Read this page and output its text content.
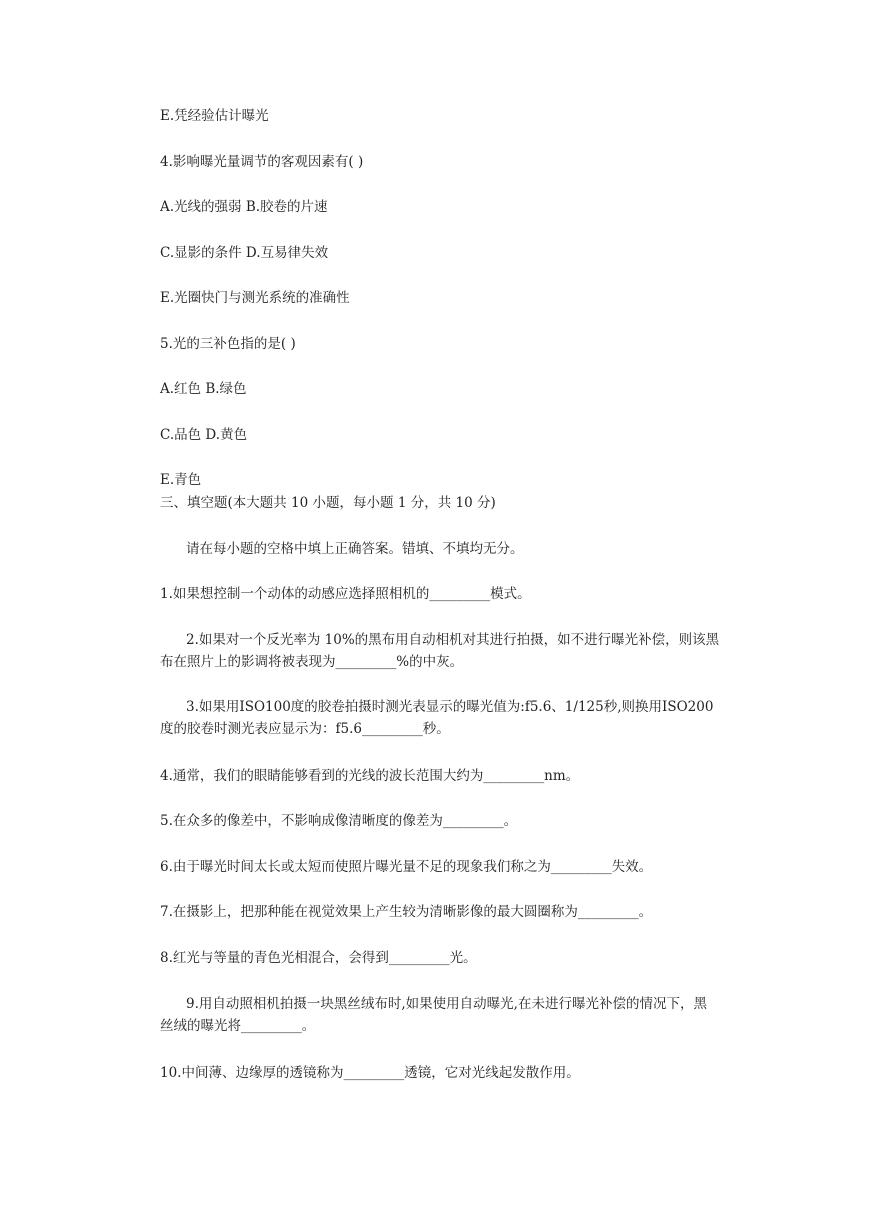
E.凭经验估计曝光
4.影响曝光量调节的客观因素有( )
A.光线的强弱 B.胶卷的片速
C.显影的条件 D.互易律失效
E.光圈快门与测光系统的准确性
5.光的三补色指的是( )
A.红色 B.绿色
C.品色 D.黄色
E.青色
三、填空题(本大题共 10 小题，每小题 1 分，共 10 分)
请在每小题的空格中填上正确答案。错填、不填均无分。
1.如果想控制一个动体的动感应选择照相机的_________模式。
2.如果对一个反光率为 10%的黑布用自动相机对其进行拍摄，如不进行曝光补偿，则该黑布在照片上的影调将被表现为_________%的中灰。
3.如果用ISO100度的胶卷拍摄时测光表显示的曝光值为:f5.6、1/125秒,则换用ISO200度的胶卷时测光表应显示为：f5.6_________秒。
4.通常，我们的眼睛能够看到的光线的波长范围大约为_________nm。
5.在众多的像差中，不影响成像清晰度的像差为_________。
6.由于曝光时间太长或太短而使照片曝光量不足的现象我们称之为_________失效。
7.在摄影上，把那种能在视觉效果上产生较为清晰影像的最大圆圈称为_________。
8.红光与等量的青色光相混合，会得到_________光。
9.用自动照相机拍摄一块黑丝绒布时,如果使用自动曝光,在未进行曝光补偿的情况下，黑丝绒的曝光将_________。
10.中间薄、边缘厚的透镜称为_________透镜，它对光线起发散作用。
